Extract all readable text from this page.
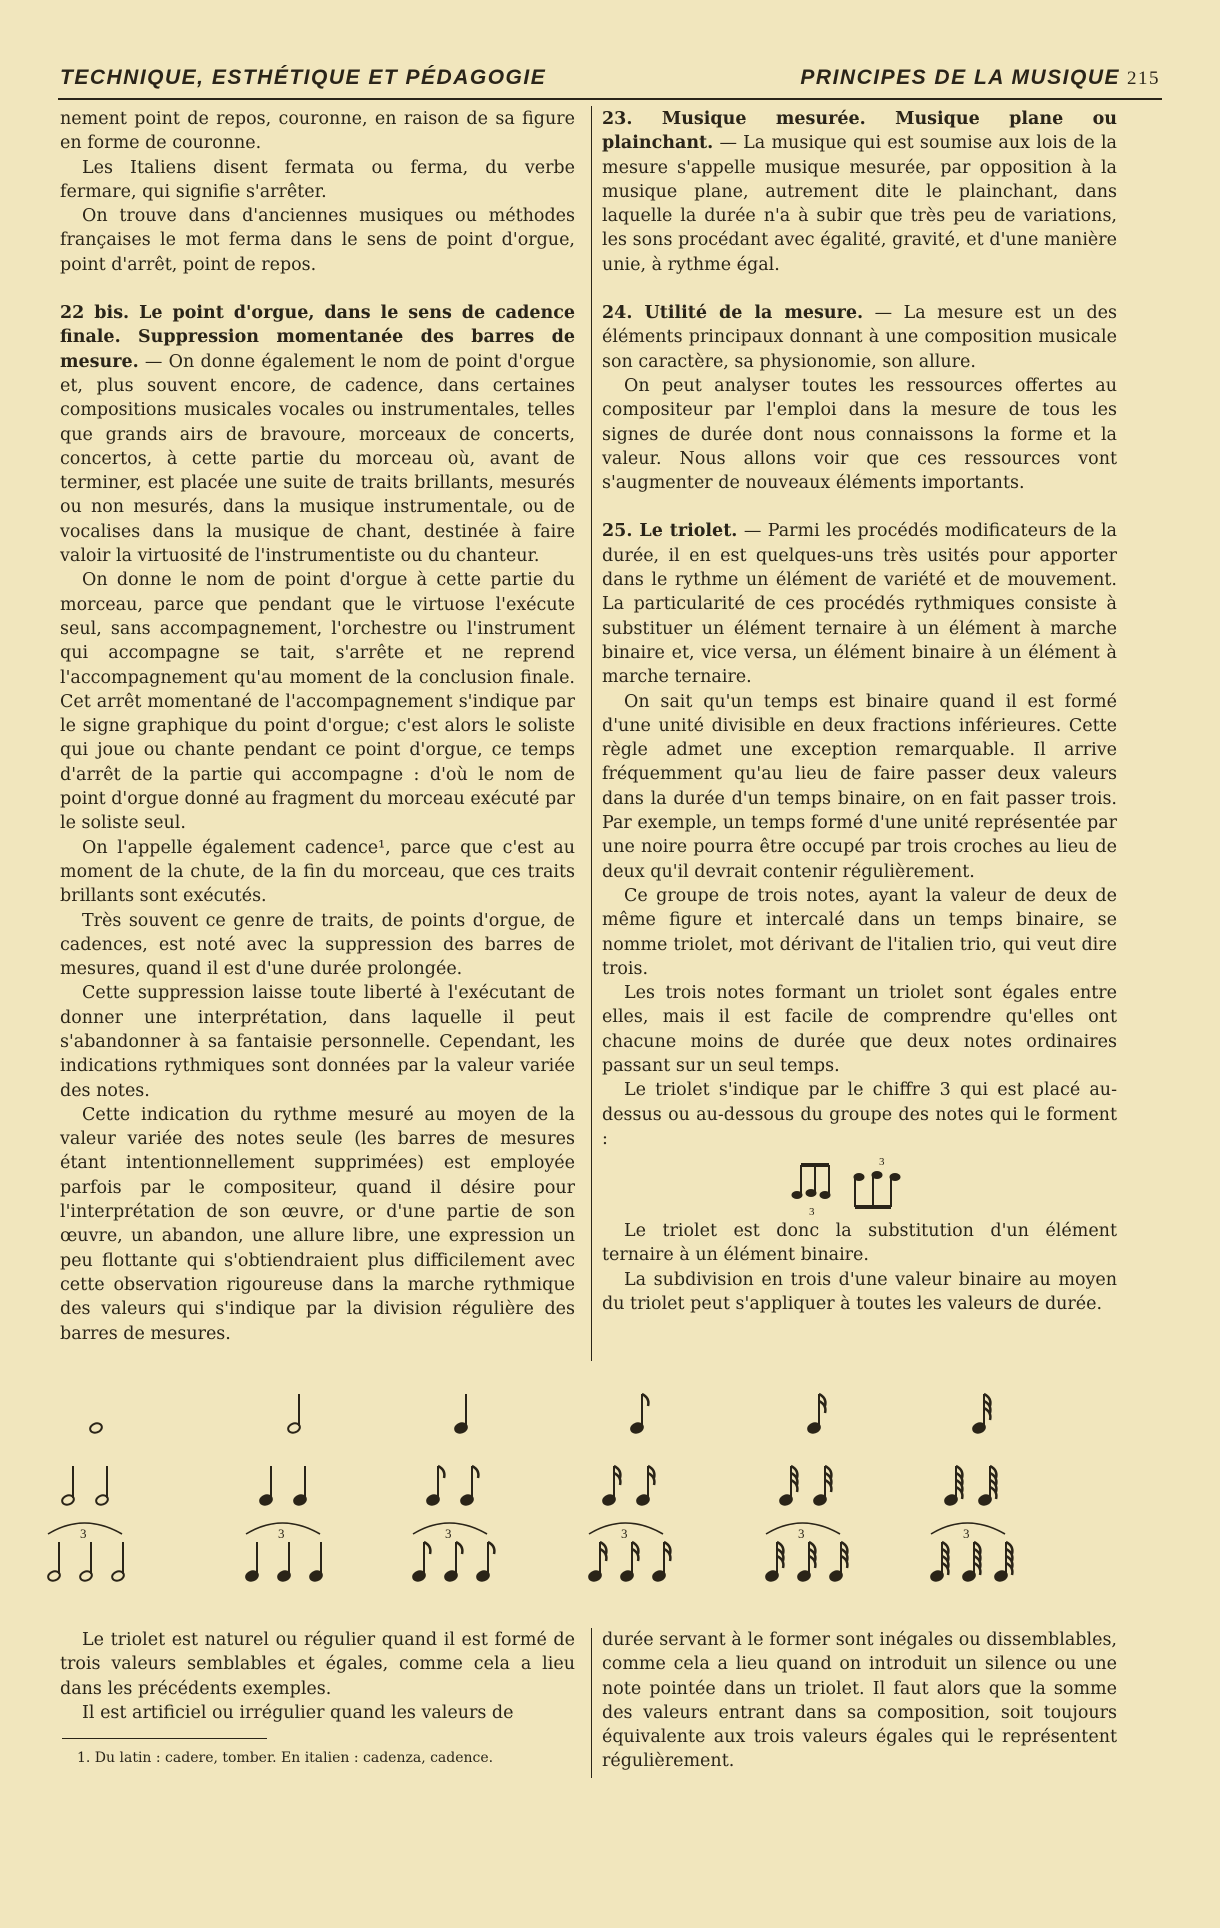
TECHNIQUE, ESTHÉTIQUE ET PÉDAGOGIE	PRINCIPES DE LA MUSIQUE 215

nement point de repos, couronne, en raison de sa figure en forme de couronne.

Les Italiens disent fermata ou ferma, du verbe fermare, qui signifie s'arrêter.

On trouve dans d'anciennes musiques ou méthodes françaises le mot ferma dans le sens de point d'orgue, point d'arrêt, point de repos.

22 bis. Le point d'orgue, dans le sens de cadence finale. Suppression momentanée des barres de mesure. — On donne également le nom de point d'orgue et, plus souvent encore, de cadence, dans certaines compositions musicales vocales ou instrumentales, telles que grands airs de bravoure, morceaux de concerts, concertos, à cette partie du morceau où, avant de terminer, est placée une suite de traits brillants, mesurés ou non mesurés, dans la musique instrumentale, ou de vocalises dans la musique de chant, destinée à faire valoir la virtuosité de l'instrumentiste ou du chanteur.

On donne le nom de point d'orgue à cette partie du morceau, parce que pendant que le virtuose l'exécute seul, sans accompagnement, l'orchestre ou l'instrument qui accompagne se tait, s'arrête et ne reprend l'accompagnement qu'au moment de la conclusion finale. Cet arrêt momentané de l'accompagnement s'indique par le signe graphique du point d'orgue; c'est alors le soliste qui joue ou chante pendant ce point d'orgue, ce temps d'arrêt de la partie qui accompagne : d'où le nom de point d'orgue donné au fragment du morceau exécuté par le soliste seul.

On l'appelle également cadence¹, parce que c'est au moment de la chute, de la fin du morceau, que ces traits brillants sont exécutés.

Très souvent ce genre de traits, de points d'orgue, de cadences, est noté avec la suppression des barres de mesures, quand il est d'une durée prolongée.

Cette suppression laisse toute liberté à l'exécutant de donner une interprétation, dans laquelle il peut s'abandonner à sa fantaisie personnelle. Cependant, les indications rythmiques sont données par la valeur variée des notes.

Cette indication du rythme mesuré au moyen de la valeur variée des notes seule (les barres de mesures étant intentionnellement supprimées) est employée parfois par le compositeur, quand il désire pour l'interprétation de son œuvre, or d'une partie de son œuvre, un abandon, une allure libre, une expression un peu flottante qui s'obtiendraient plus difficilement avec cette observation rigoureuse dans la marche rythmique des valeurs qui s'indique par la division régulière des barres de mesures.

23. Musique mesurée. Musique plane ou plainchant. — La musique qui est soumise aux lois de la mesure s'appelle musique mesurée, par opposition à la musique plane, autrement dite le plainchant, dans laquelle la durée n'a à subir que très peu de variations, les sons procédant avec égalité, gravité, et d'une manière unie, à rythme égal.

24. Utilité de la mesure. — La mesure est un des éléments principaux donnant à une composition musicale son caractère, sa physionomie, son allure.

On peut analyser toutes les ressources offertes au compositeur par l'emploi dans la mesure de tous les signes de durée dont nous connaissons la forme et la valeur. Nous allons voir que ces ressources vont s'augmenter de nouveaux éléments importants.

25. Le triolet. — Parmi les procédés modificateurs de la durée, il en est quelques-uns très usités pour apporter dans le rythme un élément de variété et de mouvement. La particularité de ces procédés rythmiques consiste à substituer un élément ternaire à un élément à marche binaire et, vice versa, un élément binaire à un élément à marche ternaire.

On sait qu'un temps est binaire quand il est formé d'une unité divisible en deux fractions inférieures. Cette règle admet une exception remarquable. Il arrive fréquemment qu'au lieu de faire passer deux valeurs dans la durée d'un temps binaire, on en fait passer trois. Par exemple, un temps formé d'une unité représentée par une noire pourra être occupé par trois croches au lieu de deux qu'il devrait contenir régulièrement.

Ce groupe de trois notes, ayant la valeur de deux de même figure et intercalé dans un temps binaire, se nomme triolet, mot dérivant de l'italien trio, qui veut dire trois.

Les trois notes formant un triolet sont égales entre elles, mais il est facile de comprendre qu'elles ont chacune moins de durée que deux notes ordinaires passant sur un seul temps.

Le triolet s'indique par le chiffre 3 qui est placé au-dessus ou au-dessous du groupe des notes qui le forment :

3
3

Le triolet est donc la substitution d'un élément ternaire à un élément binaire.

La subdivision en trois d'une valeur binaire au moyen du triolet peut s'appliquer à toutes les valeurs de durée.

3	3	3	3	3	3

Le triolet est naturel ou régulier quand il est formé de trois valeurs semblables et égales, comme cela a lieu dans les précédents exemples.

Il est artificiel ou irrégulier quand les valeurs de

1. Du latin : cadere, tomber. En italien : cadenza, cadence.

durée servant à le former sont inégales ou dissemblables, comme cela a lieu quand on introduit un silence ou une note pointée dans un triolet. Il faut alors que la somme des valeurs entrant dans sa composition, soit toujours équivalente aux trois valeurs égales qui le représentent régulièrement.
